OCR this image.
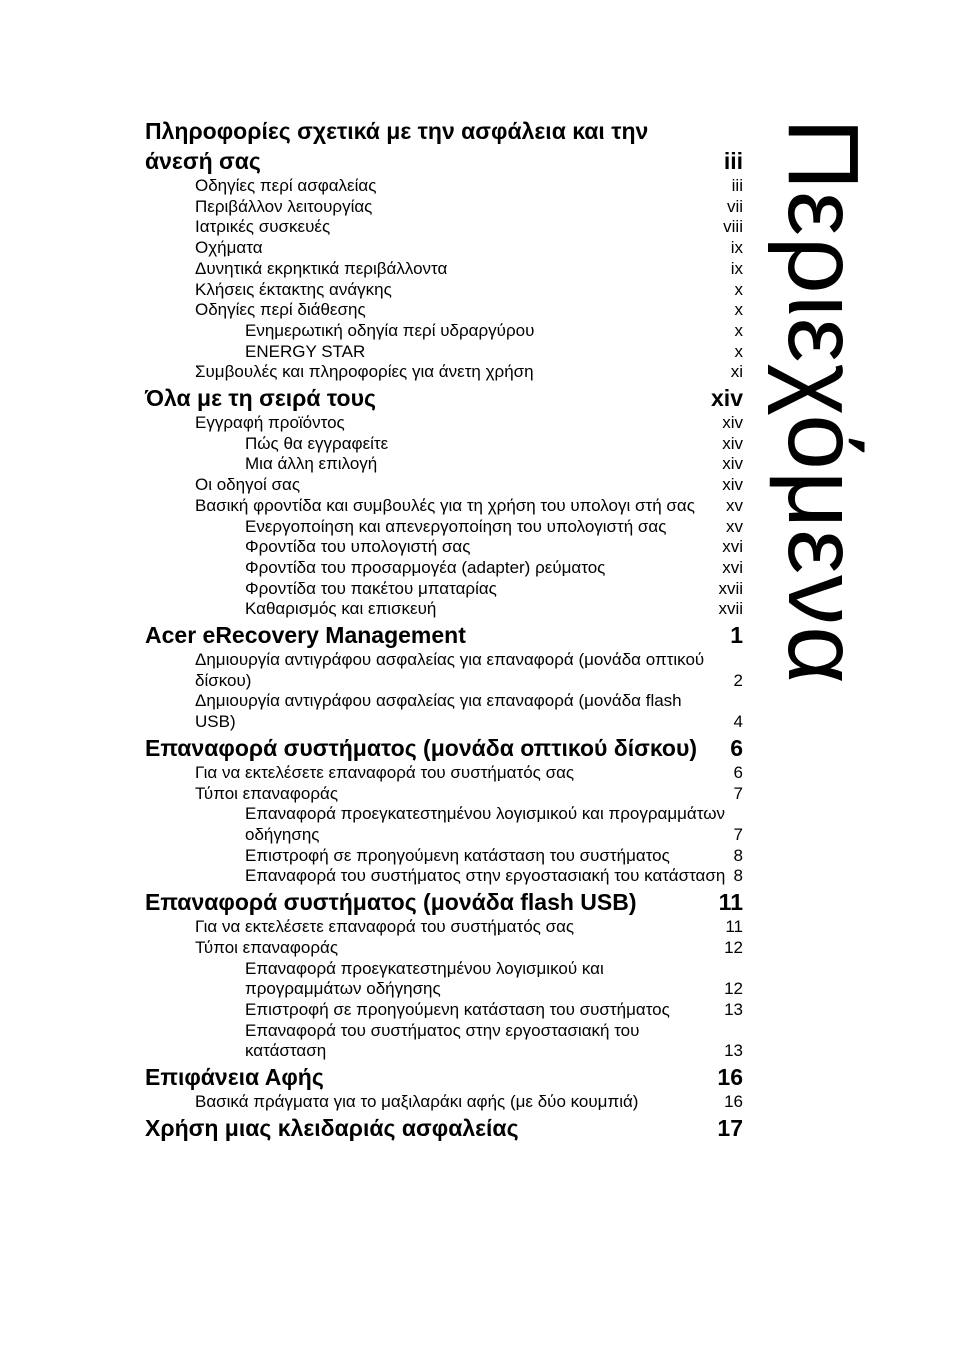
Πληροφορίες σχετικά με την ασφάλεια και την άνεσή σας	iii
Οδηγίες περί ασφαλείας	iii
Περιβάλλον λειτουργίας	vii
Ιατρικές συσκευές	viii
Οχήματα	ix
Δυνητικά εκρηκτικά περιβάλλοντα	ix
Κλήσεις έκτακτης ανάγκης	x
Οδηγίες περί διάθεσης	x
Ενημερωτική οδηγία περί υδραργύρου	x
ENERGY STAR	x
Συμβουλές και πληροφορίες για άνετη χρήση	xi
Όλα με τη σειρά τους	xiv
Εγγραφή προϊόντος	xiv
Πώς θα εγγραφείτε	xiv
Μια άλλη επιλογή	xiv
Οι οδηγοί σας	xiv
Βασική φροντίδα και συμβουλές για τη χρήση του υπολογι στή σας	xv
Ενεργοποίηση και απενεργοποίηση του υπολογιστή σας	xv
Φροντίδα του υπολογιστή σας	xvi
Φροντίδα του προσαρμογέα (adapter) ρεύματος	xvi
Φροντίδα του πακέτου μπαταρίας	xvii
Καθαρισμός και επισκευή	xvii
Acer eRecovery Management	1
Δημιουργία αντιγράφου ασφαλείας για επαναφορά (μονάδα οπτικού δίσκου)	2
Δημιουργία αντιγράφου ασφαλείας για επαναφορά (μονάδα flash USB)	4
Επαναφορά συστήματος (μονάδα οπτικού δίσκου)	6
Για να εκτελέσετε επαναφορά του συστήματός σας	6
Τύποι επαναφοράς	7
Επαναφορά προεγκατεστημένου λογισμικού και προγραμμάτων οδήγησης	7
Επιστροφή σε προηγούμενη κατάσταση του συστήματος	8
Επαναφορά του συστήματος στην εργοστασιακή του κατάσταση 8
Επαναφορά συστήματος (μονάδα flash USB)	11
Για να εκτελέσετε επαναφορά του συστήματός σας	11
Τύποι επαναφοράς	12
Επαναφορά προεγκατεστημένου λογισμικού και προγραμμάτων οδήγησης	12
Επιστροφή σε προηγούμενη κατάσταση του συστήματος	13
Επαναφορά του συστήματος στην εργοστασιακή του κατάσταση	13
Επιφάνεια Αφής	16
Βασικά πράγματα για το μαξιλαράκι αφής (με δύο κουμπιά)	16
Χρήση μιας κλειδαριάς ασφαλείας	17
Περιεχόμενα
